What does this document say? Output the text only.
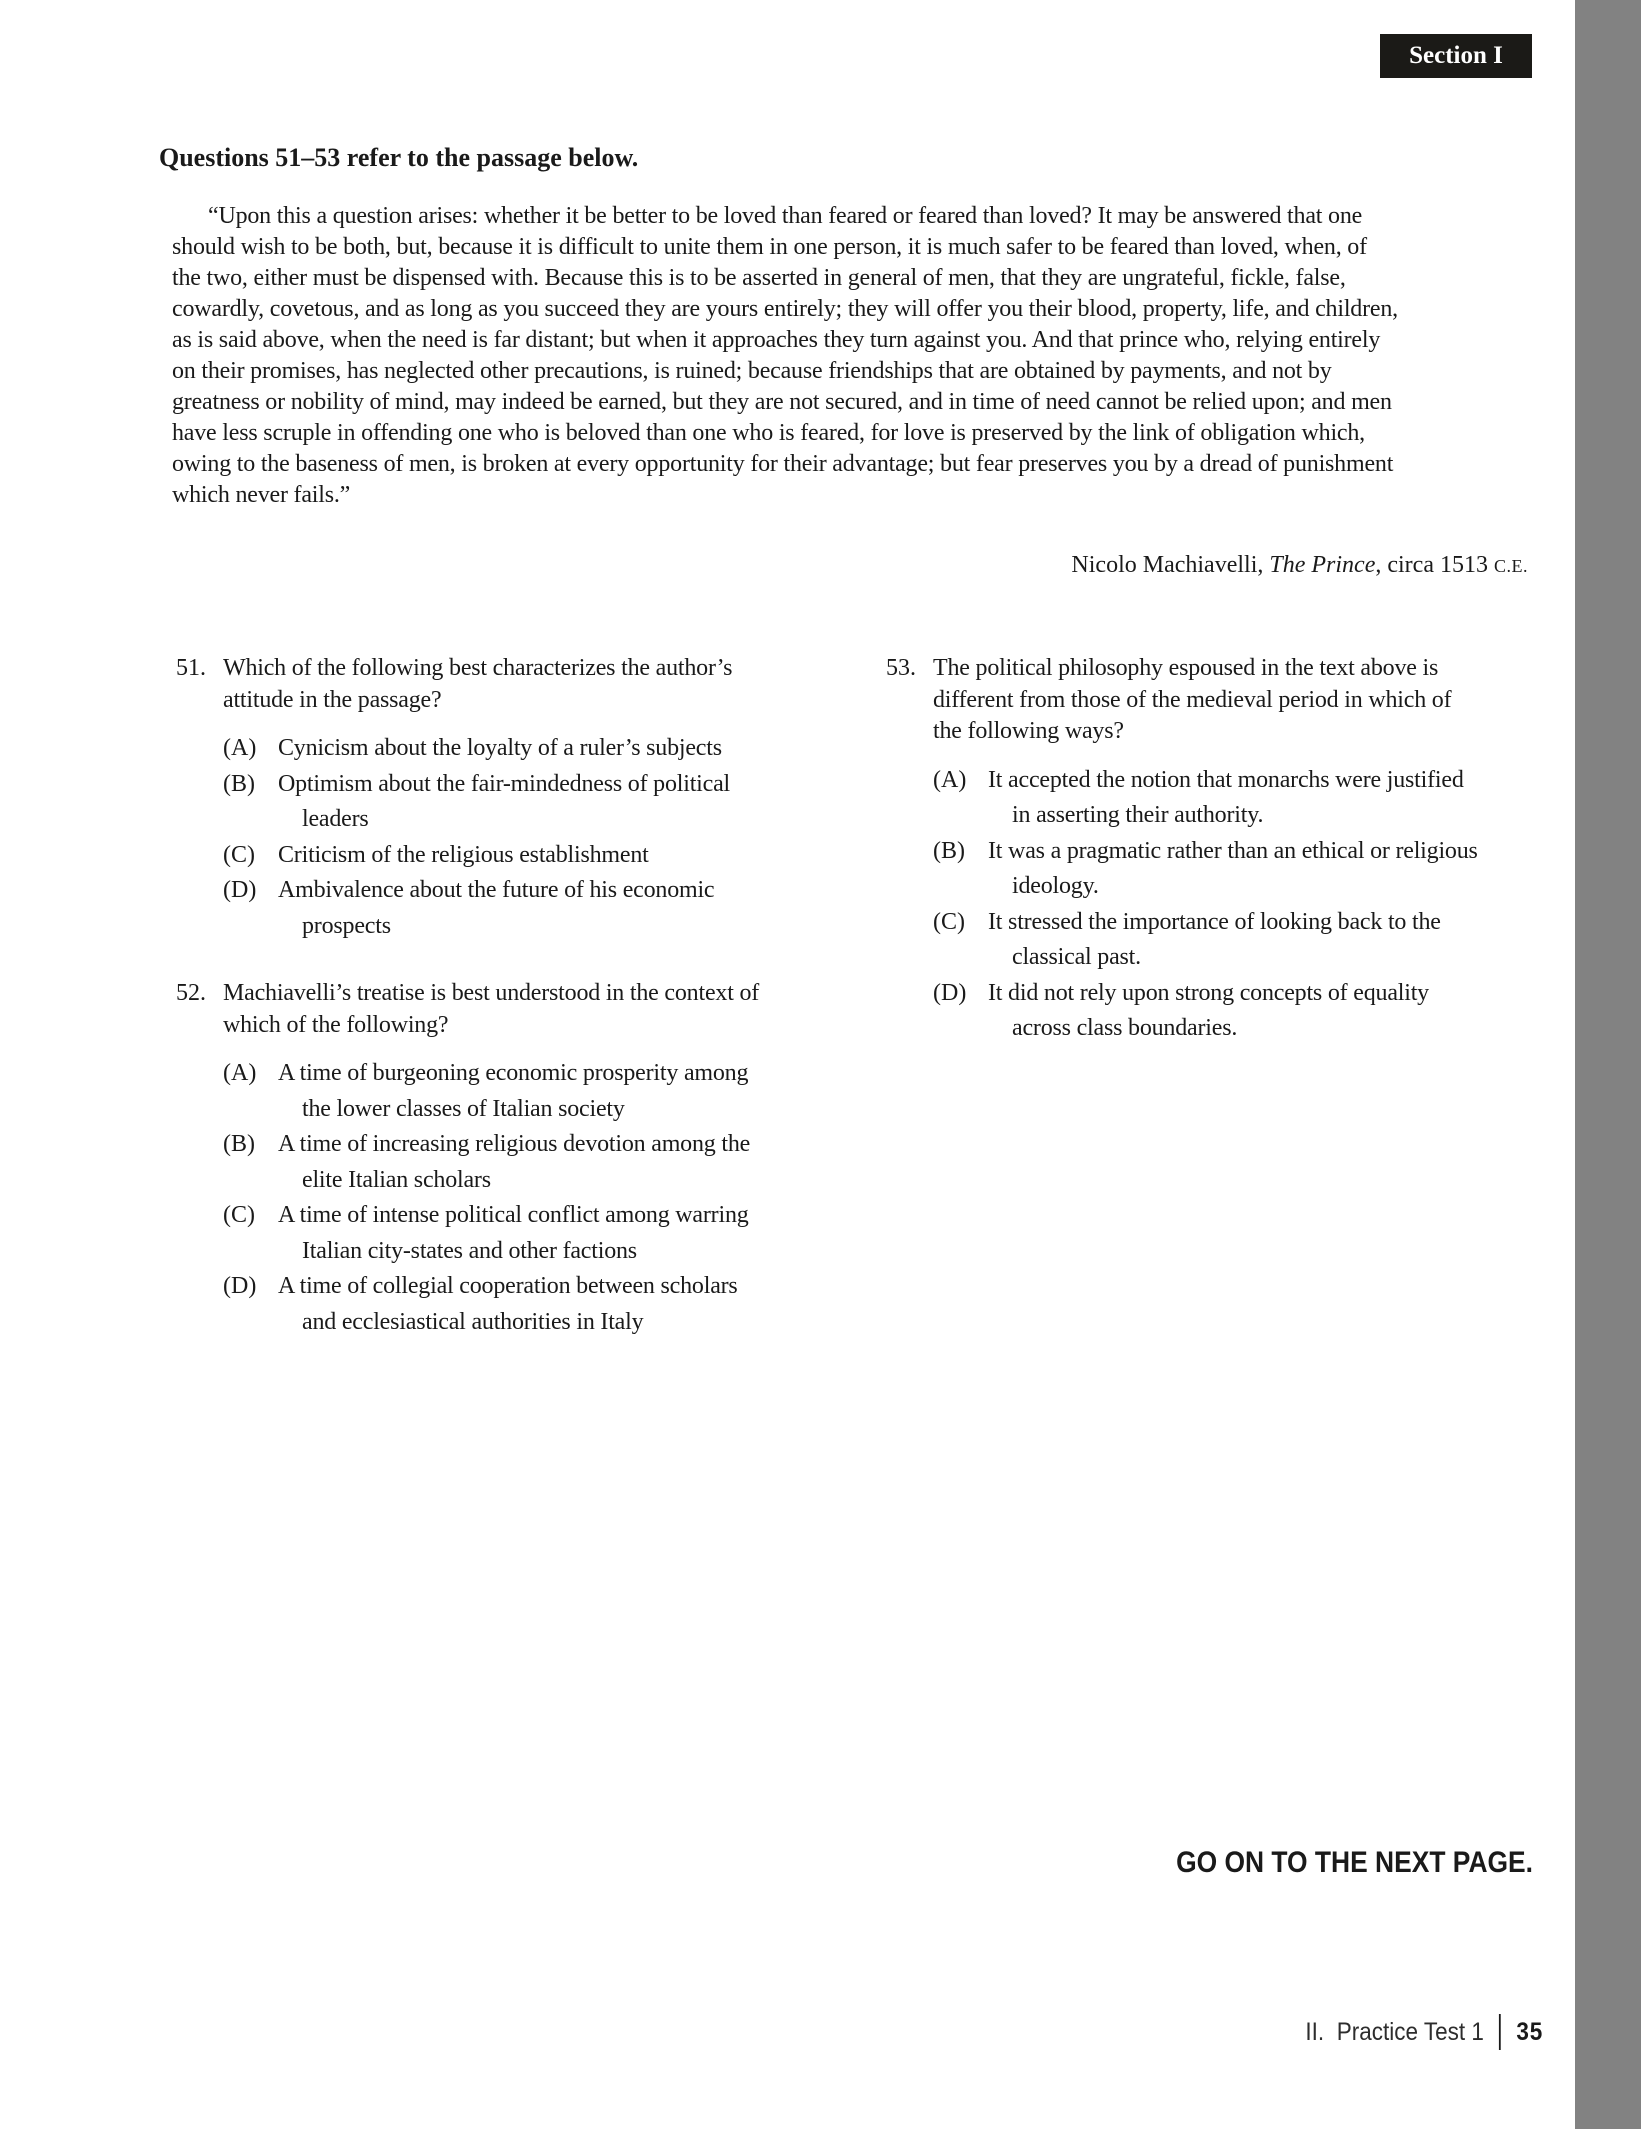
Section I
Questions 51–53 refer to the passage below.
“Upon this a question arises: whether it be better to be loved than feared or feared than loved? It may be answered that one
should wish to be both, but, because it is difficult to unite them in one person, it is much safer to be feared than loved, when, of
the two, either must be dispensed with. Because this is to be asserted in general of men, that they are ungrateful, fickle, false,
cowardly, covetous, and as long as you succeed they are yours entirely; they will offer you their blood, property, life, and children,
as is said above, when the need is far distant; but when it approaches they turn against you. And that prince who, relying entirely
on their promises, has neglected other precautions, is ruined; because friendships that are obtained by payments, and not by
greatness or nobility of mind, may indeed be earned, but they are not secured, and in time of need cannot be relied upon; and men
have less scruple in offending one who is beloved than one who is feared, for love is preserved by the link of obligation which,
owing to the baseness of men, is broken at every opportunity for their advantage; but fear preserves you by a dread of punishment
which never fails.”
Nicolo Machiavelli, The Prince, circa 1513 C.E.
51. Which of the following best characterizes the author’s
attitude in the passage?
(A) Cynicism about the loyalty of a ruler’s subjects
(B) Optimism about the fair-mindedness of political
leaders
(C) Criticism of the religious establishment
(D) Ambivalence about the future of his economic
prospects
52. Machiavelli’s treatise is best understood in the context of
which of the following?
(A) A time of burgeoning economic prosperity among
the lower classes of Italian society
(B) A time of increasing religious devotion among the
elite Italian scholars
(C) A time of intense political conflict among warring
Italian city-states and other factions
(D) A time of collegial cooperation between scholars
and ecclesiastical authorities in Italy
53. The political philosophy espoused in the text above is
different from those of the medieval period in which of
the following ways?
(A) It accepted the notion that monarchs were justified
in asserting their authority.
(B) It was a pragmatic rather than an ethical or religious
ideology.
(C) It stressed the importance of looking back to the
classical past.
(D) It did not rely upon strong concepts of equality
across class boundaries.
GO ON TO THE NEXT PAGE.
II. Practice Test 1 35
